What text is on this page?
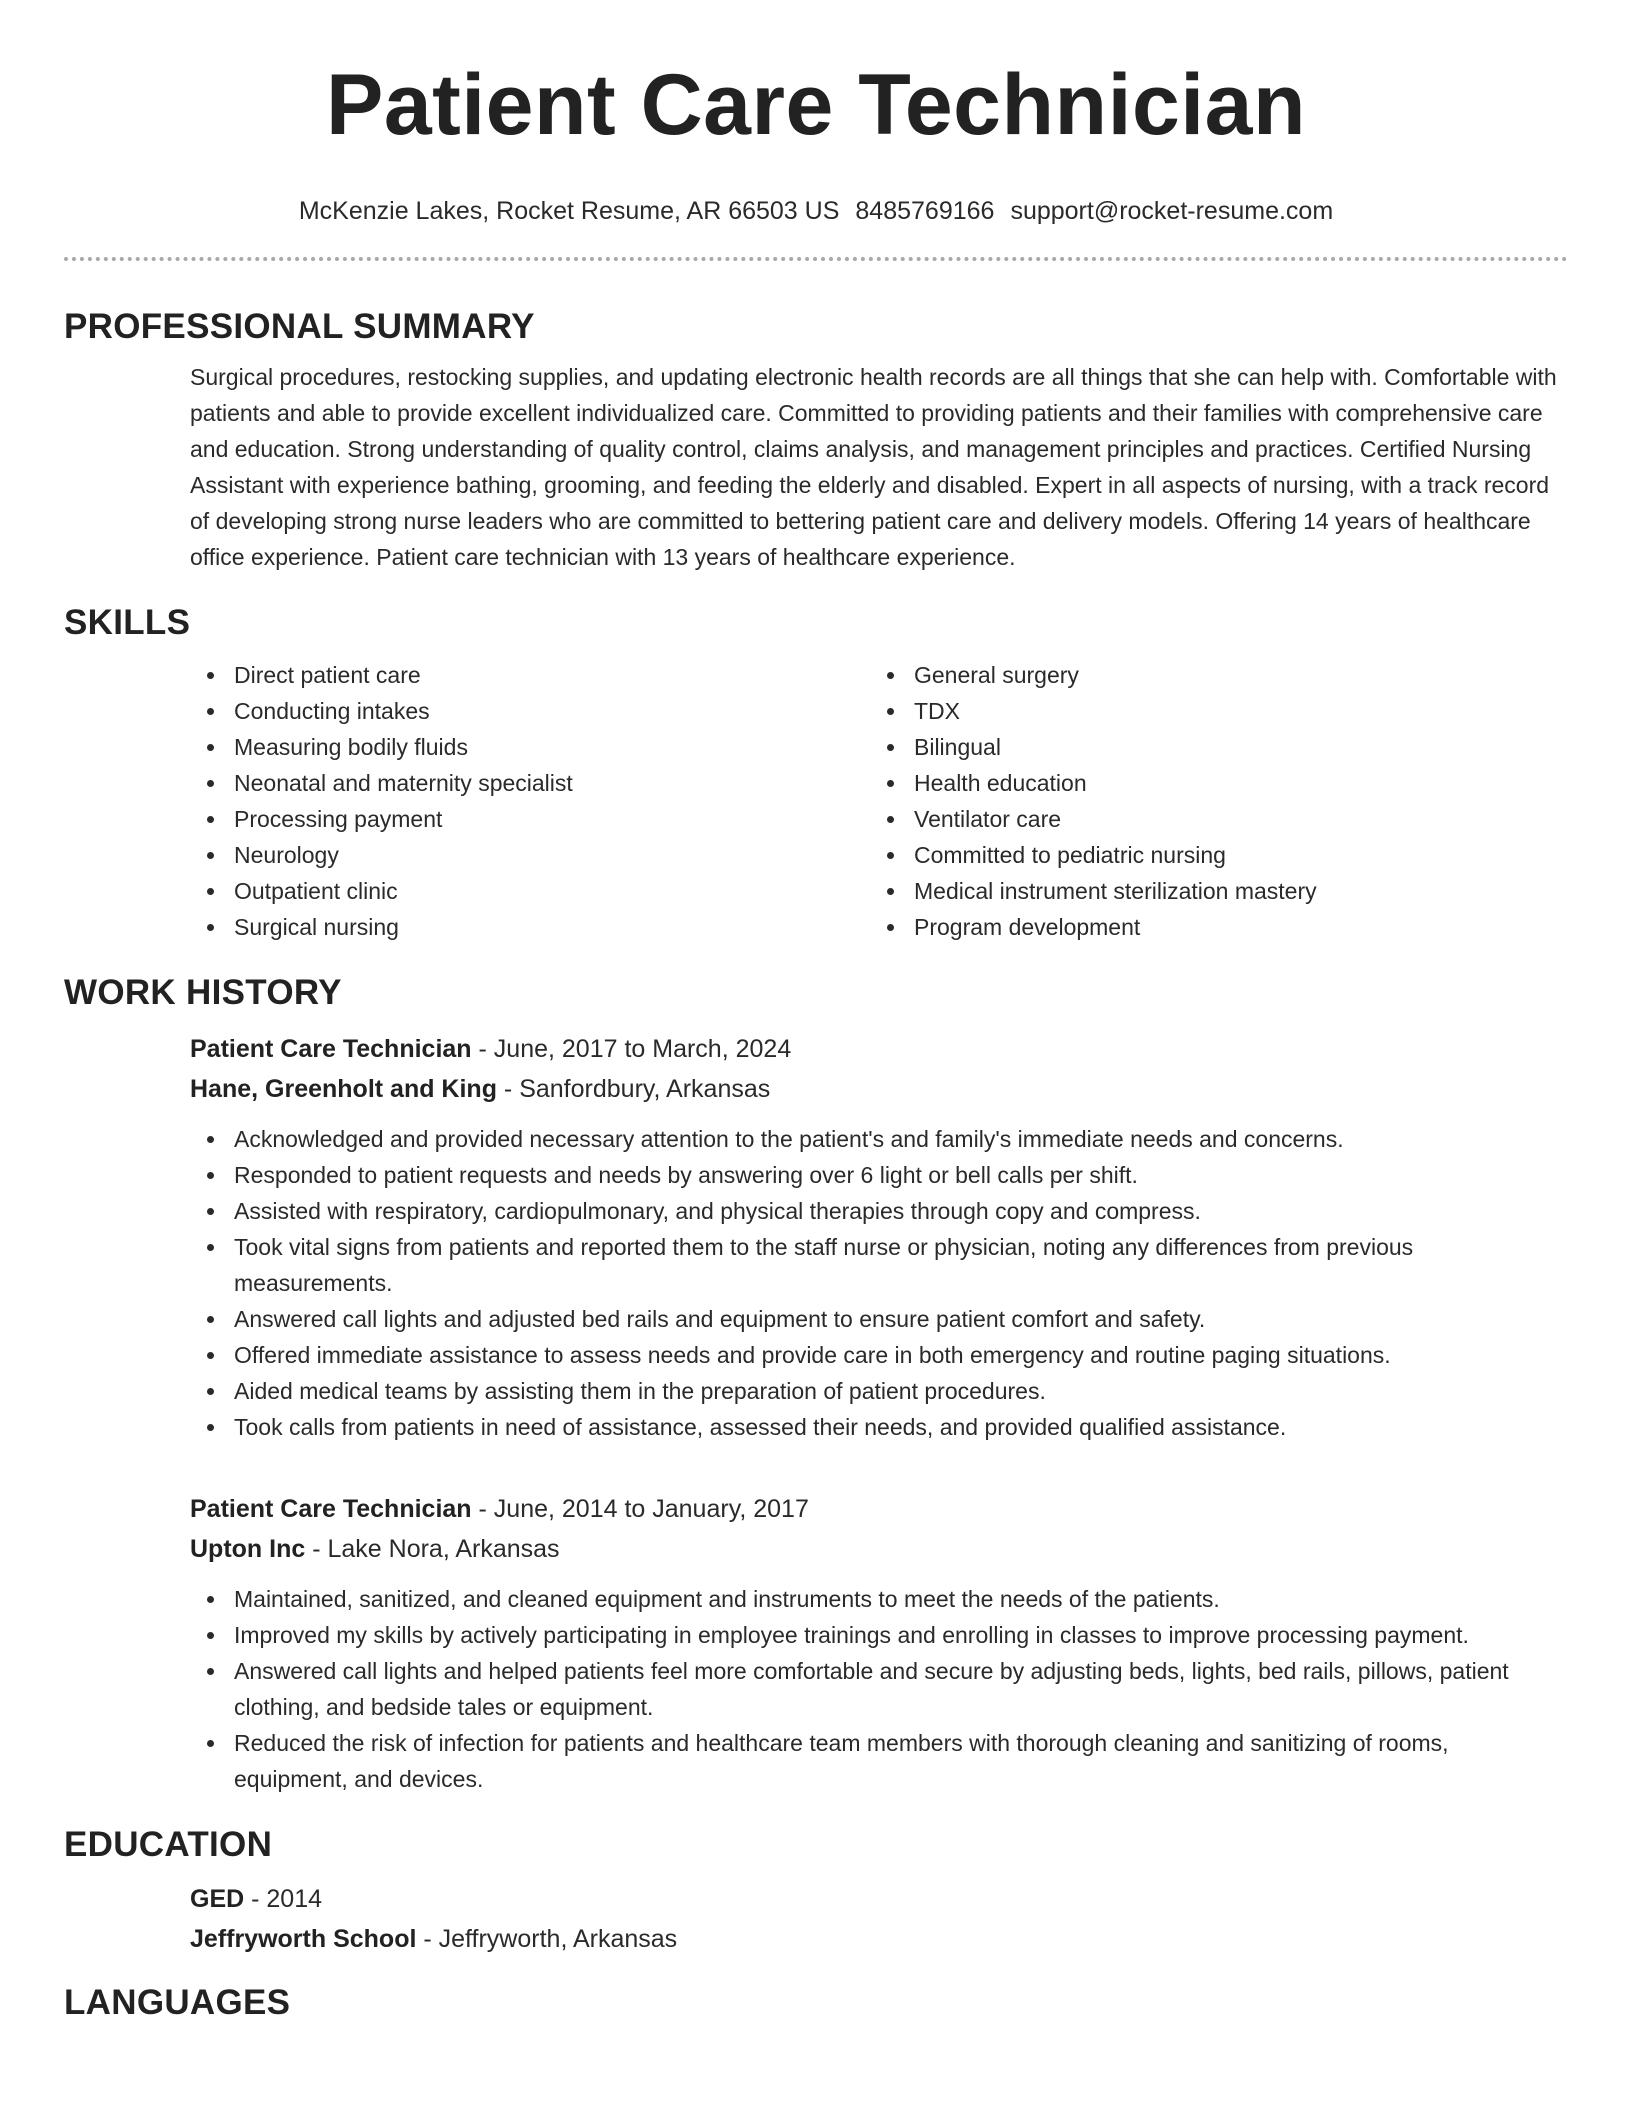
Patient Care Technician
McKenzie Lakes, Rocket Resume, AR 66503 US 8485769166 support@rocket-resume.com
PROFESSIONAL SUMMARY

Surgical procedures, restocking supplies, and updating electronic health records are all things that she can help with. Comfortable with patients and able to provide excellent individualized care. Committed to providing patients and their families with comprehensive care and education. Strong understanding of quality control, claims analysis, and management principles and practices. Certified Nursing Assistant with experience bathing, grooming, and feeding the elderly and disabled. Expert in all aspects of nursing, with a track record of developing strong nurse leaders who are committed to bettering patient care and delivery models. Offering 14 years of healthcare office experience. Patient care technician with 13 years of healthcare experience.

SKILLS
Direct patient care
Conducting intakes
Measuring bodily fluids
Neonatal and maternity specialist
Processing payment
Neurology
Outpatient clinic
Surgical nursing
General surgery
TDX
Bilingual
Health education
Ventilator care
Committed to pediatric nursing
Medical instrument sterilization mastery
Program development
WORK HISTORY
Patient Care Technician - June, 2017 to March, 2024
Hane, Greenholt and King - Sanfordbury, Arkansas
Acknowledged and provided necessary attention to the patient's and family's immediate needs and concerns.
Responded to patient requests and needs by answering over 6 light or bell calls per shift.
Assisted with respiratory, cardiopulmonary, and physical therapies through copy and compress.
Took vital signs from patients and reported them to the staff nurse or physician, noting any differences from previous measurements.
Answered call lights and adjusted bed rails and equipment to ensure patient comfort and safety.
Offered immediate assistance to assess needs and provide care in both emergency and routine paging situations.
Aided medical teams by assisting them in the preparation of patient procedures.
Took calls from patients in need of assistance, assessed their needs, and provided qualified assistance.
Patient Care Technician - June, 2014 to January, 2017
Upton Inc - Lake Nora, Arkansas
Maintained, sanitized, and cleaned equipment and instruments to meet the needs of the patients.
Improved my skills by actively participating in employee trainings and enrolling in classes to improve processing payment.
Answered call lights and helped patients feel more comfortable and secure by adjusting beds, lights, bed rails, pillows, patient clothing, and bedside tales or equipment.
Reduced the risk of infection for patients and healthcare team members with thorough cleaning and sanitizing of rooms, equipment, and devices.
EDUCATION
GED - 2014
Jeffryworth School - Jeffryworth, Arkansas
LANGUAGES
